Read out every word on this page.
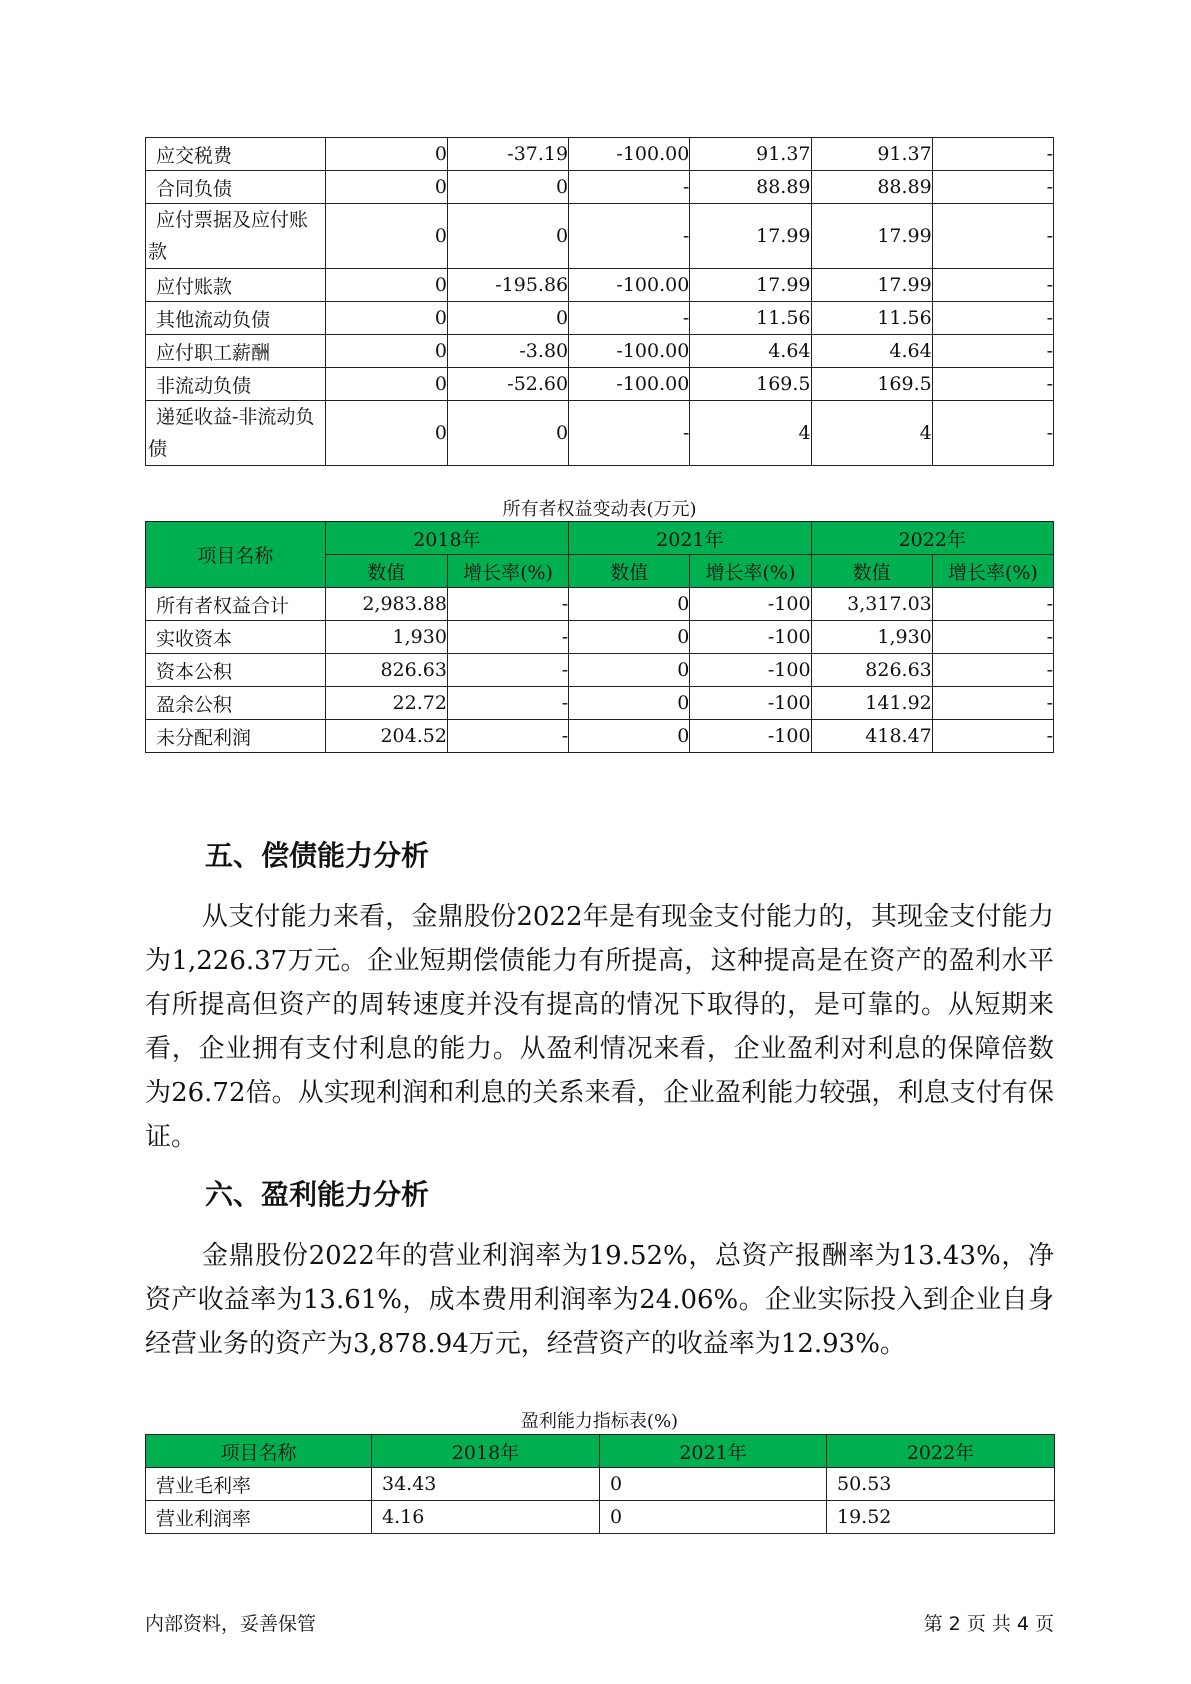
应交税费	0	-37.19	-100.00	91.37	91.37	-
合同负债	0	0	-	88.89	88.89	-
应付票据及应付账款	0	0	-	17.99	17.99	-
应付账款	0	-195.86	-100.00	17.99	17.99	-
其他流动负债	0	0	-	11.56	11.56	-
应付职工薪酬	0	-3.80	-100.00	4.64	4.64	-
非流动负债	0	-52.60	-100.00	169.5	169.5	-
递延收益-非流动负债	0	0	-	4	4	-
所有者权益变动表(万元)
项目名称	2018年		2021年		2022年	
	数值	增长率(%)	数值	增长率(%)	数值	增长率(%)
所有者权益合计	2,983.88	-	0	-100	3,317.03	-
实收资本	1,930	-	0	-100	1,930	-
资本公积	826.63	-	0	-100	826.63	-
盈余公积	22.72	-	0	-100	141.92	-
未分配利润	204.52	-	0	-100	418.47	-
五、偿债能力分析
从支付能力来看，金鼎股份2022年是有现金支付能力的，其现金支付能力为1,226.37万元。企业短期偿债能力有所提高，这种提高是在资产的盈利水平有所提高但资产的周转速度并没有提高的情况下取得的，是可靠的。从短期来看，企业拥有支付利息的能力。从盈利情况来看，企业盈利对利息的保障倍数为26.72倍。从实现利润和利息的关系来看，企业盈利能力较强，利息支付有保证。
六、盈利能力分析
金鼎股份2022年的营业利润率为19.52%，总资产报酬率为13.43%，净资产收益率为13.61%，成本费用利润率为24.06%。企业实际投入到企业自身经营业务的资产为3,878.94万元，经营资产的收益率为12.93%。
盈利能力指标表(%)
项目名称	2018年	2021年	2022年
营业毛利率	34.43	0	50.53
营业利润率	4.16	0	19.52
内部资料，妥善保管	第 2 页 共 4 页
